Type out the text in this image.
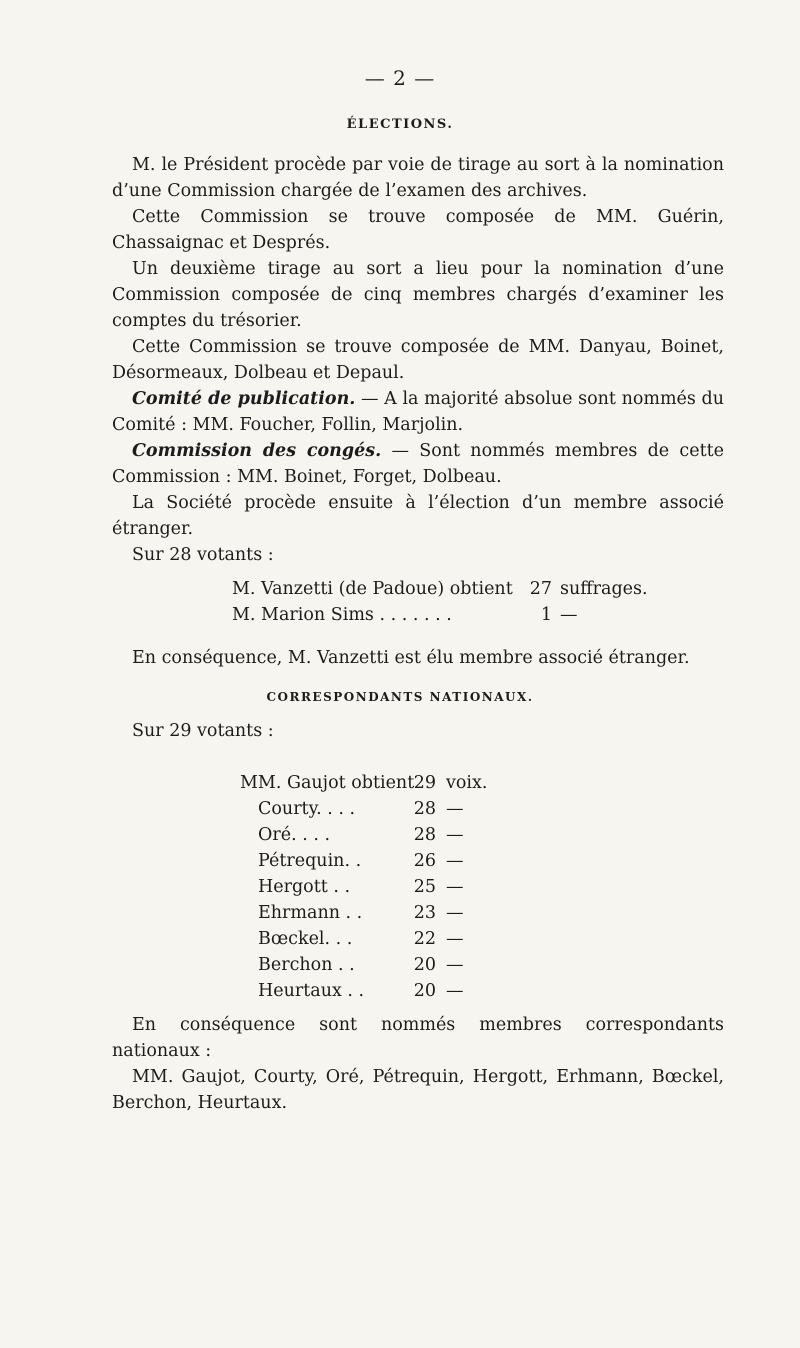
— 2 —
ÉLECTIONS.

M. le Président procède par voie de tirage au sort à la nomination d’une Commission chargée de l’examen des archives.

Cette Commission se trouve composée de MM. Guérin, Chassaignac et Després.

Un deuxième tirage au sort a lieu pour la nomination d’une Commission composée de cinq membres chargés d’examiner les comptes du trésorier.

Cette Commission se trouve composée de MM. Danyau, Boinet, Désormeaux, Dolbeau et Depaul.

Comité de publication. — A la majorité absolue sont nommés du Comité : MM. Foucher, Follin, Marjolin.

Commission des congés. — Sont nommés membres de cette Commission : MM. Boinet, Forget, Dolbeau.

La Société procède ensuite à l’élection d’un membre associé étranger.

Sur 28 votants :

M. Vanzetti (de Padoue) obtient 27 suffrages.
M. Marion Sims . . . . . . .	1 —

En conséquence, M. Vanzetti est élu membre associé étranger.

CORRESPONDANTS NATIONAUX.

Sur 29 votants :

MM. Gaujot obtient 29 voix.
Courty. . . .	28 —
Oré. . . .	28 —
Pétrequin. .	26 —
Hergott . .	25 —
Ehrmann . .	23 —
Bœckel. . .	22 —
Berchon . .	20 —
Heurtaux . .	20 —

En conséquence sont nommés membres correspondants nationaux :

MM. Gaujot, Courty, Oré, Pétrequin, Hergott, Erhmann, Bœckel, Berchon, Heurtaux.
